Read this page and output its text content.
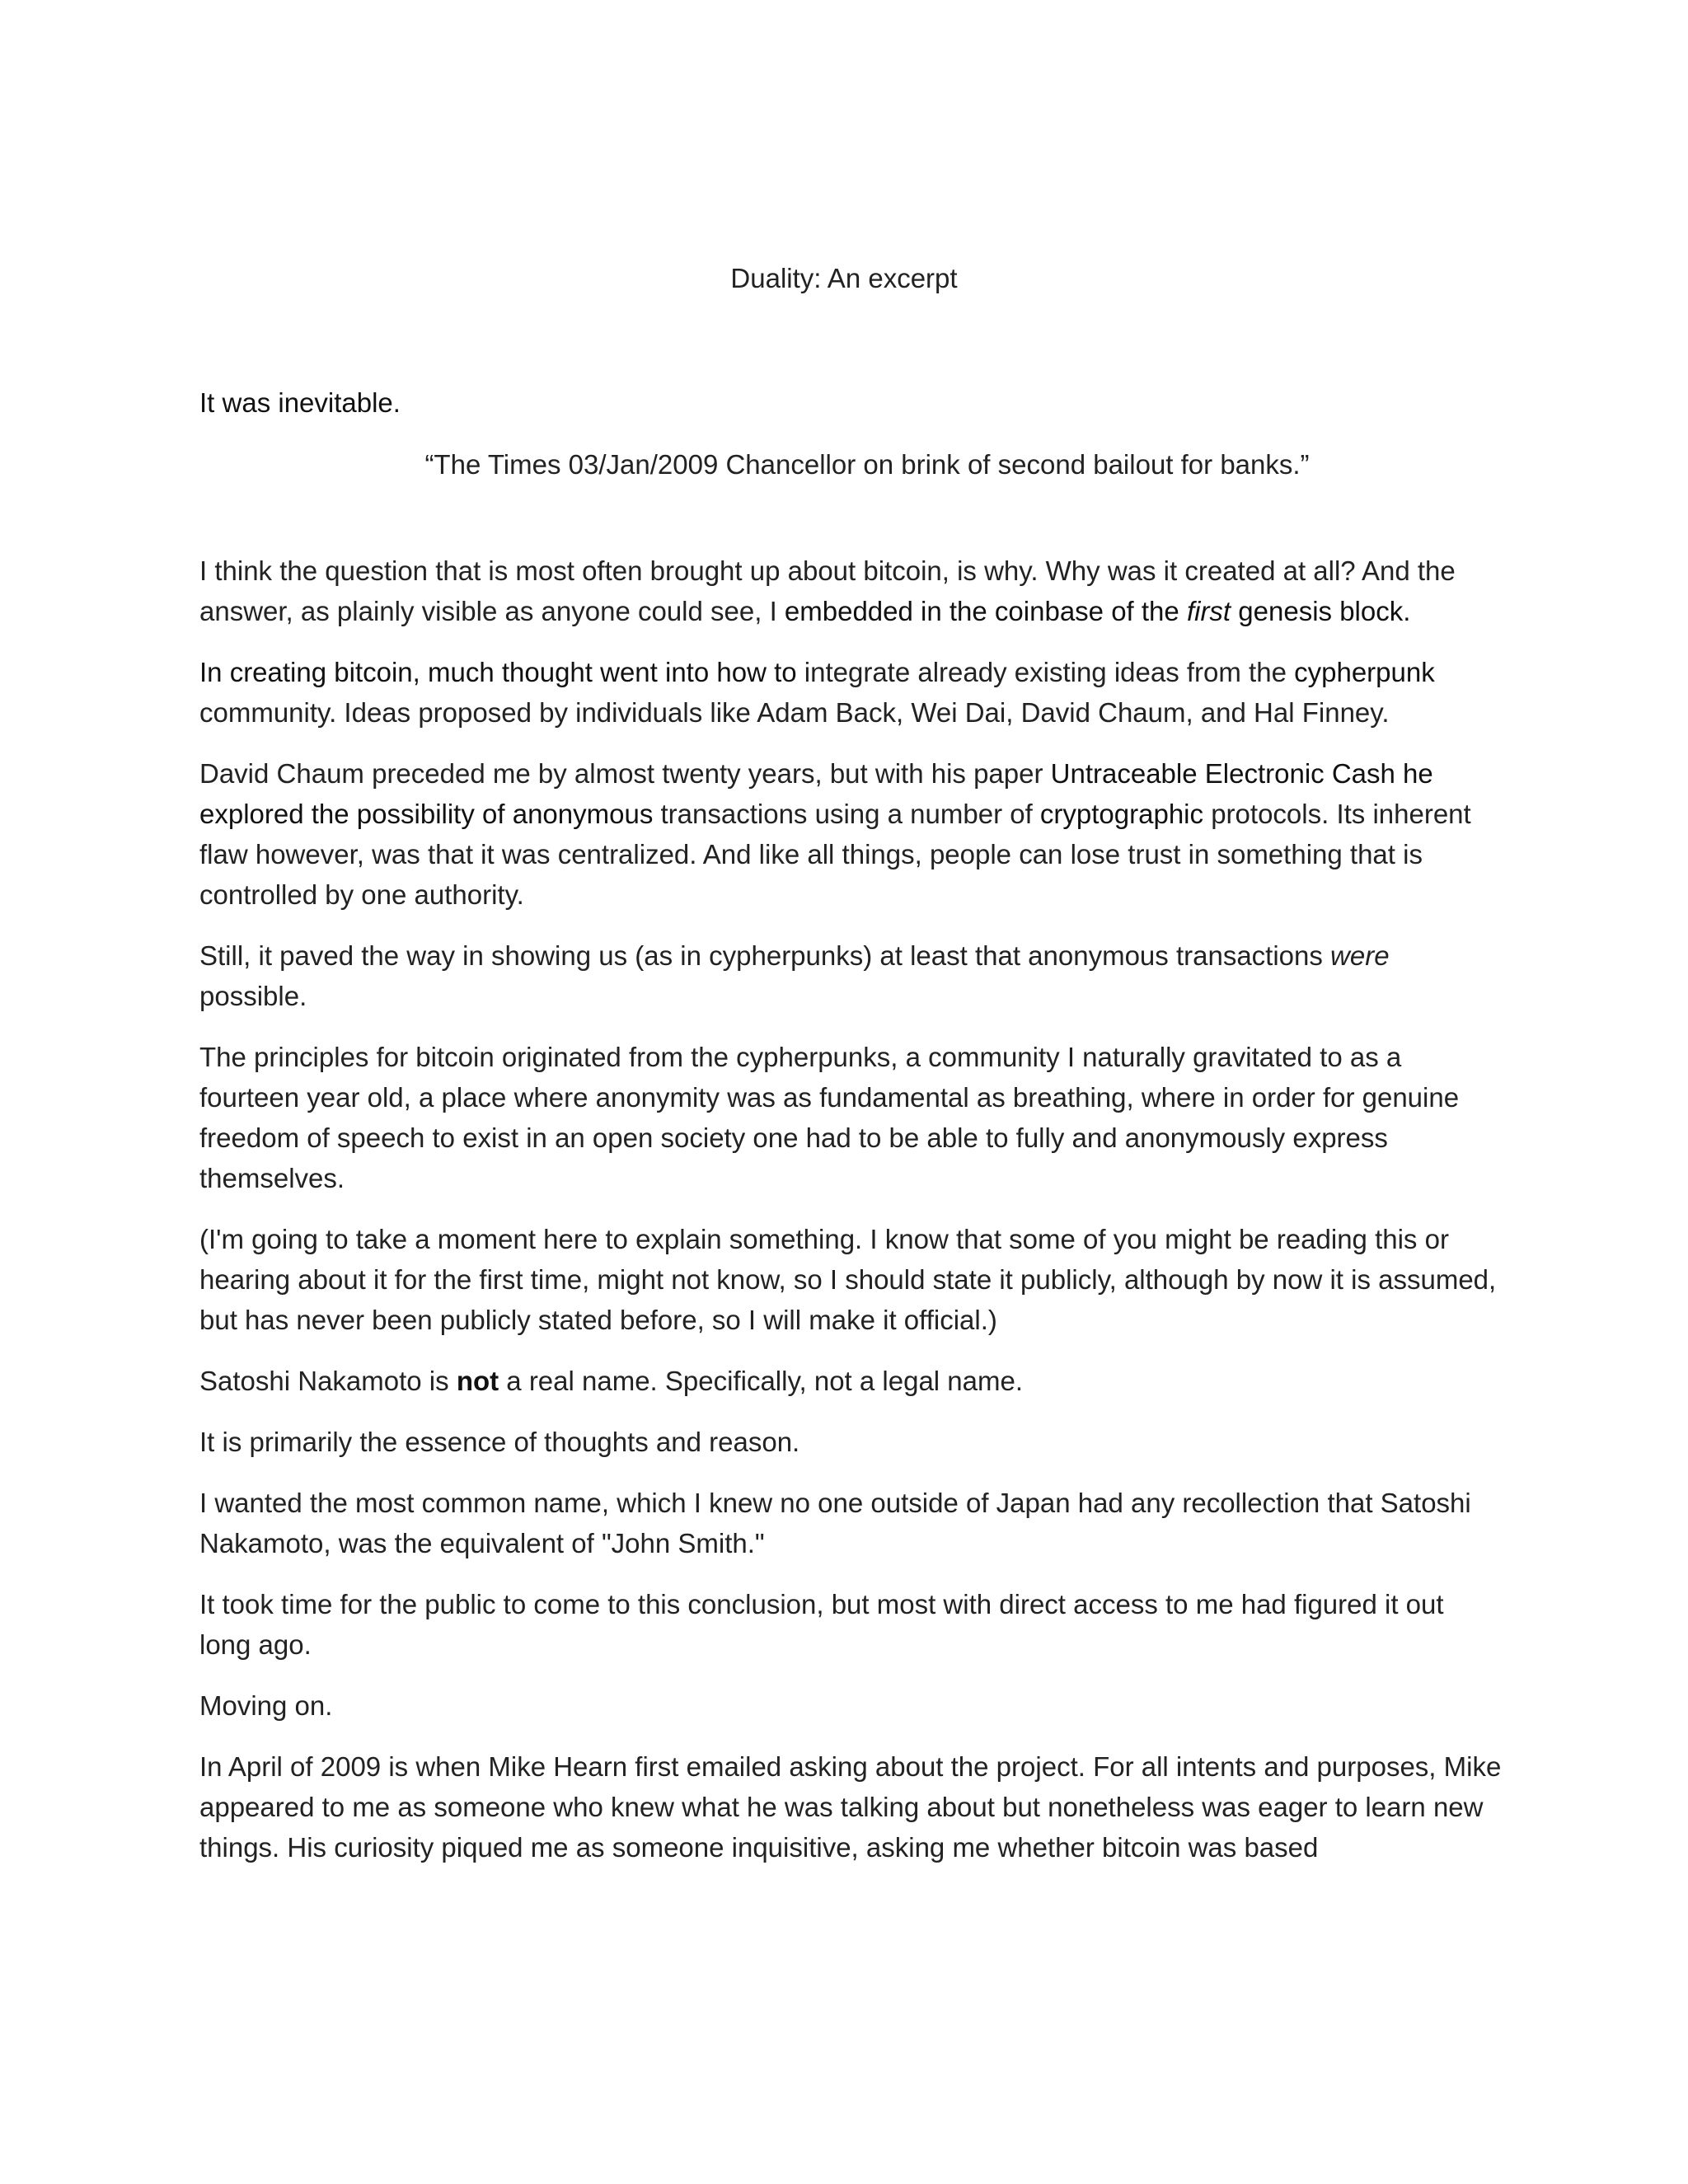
Duality: An excerpt

It was inevitable.

“The Times 03/Jan/2009 Chancellor on brink of second bailout for banks.”

I think the question that is most often brought up about bitcoin, is why. Why was it created at all? And the answer, as plainly visible as anyone could see, I embedded in the coinbase of the first genesis block.

In creating bitcoin, much thought went into how to integrate already existing ideas from the cypherpunk community. Ideas proposed by individuals like Adam Back, Wei Dai, David Chaum, and Hal Finney.

David Chaum preceded me by almost twenty years, but with his paper Untraceable Electronic Cash he explored the possibility of anonymous transactions using a number of cryptographic protocols. Its inherent flaw however, was that it was centralized. And like all things, people can lose trust in something that is controlled by one authority.

Still, it paved the way in showing us (as in cypherpunks) at least that anonymous transactions were possible.

The principles for bitcoin originated from the cypherpunks, a community I naturally gravitated to as a fourteen year old, a place where anonymity was as fundamental as breathing, where in order for genuine freedom of speech to exist in an open society one had to be able to fully and anonymously express themselves.

(I'm going to take a moment here to explain something. I know that some of you might be reading this or hearing about it for the first time, might not know, so I should state it publicly, although by now it is assumed, but has never been publicly stated before, so I will make it official.)

Satoshi Nakamoto is not a real name. Specifically, not a legal name.

It is primarily the essence of thoughts and reason.

I wanted the most common name, which I knew no one outside of Japan had any recollection that Satoshi Nakamoto, was the equivalent of "John Smith."

It took time for the public to come to this conclusion, but most with direct access to me had figured it out long ago.

Moving on.

In April of 2009 is when Mike Hearn first emailed asking about the project. For all intents and purposes, Mike appeared to me as someone who knew what he was talking about but nonetheless was eager to learn new things. His curiosity piqued me as someone inquisitive, asking me whether bitcoin was based
